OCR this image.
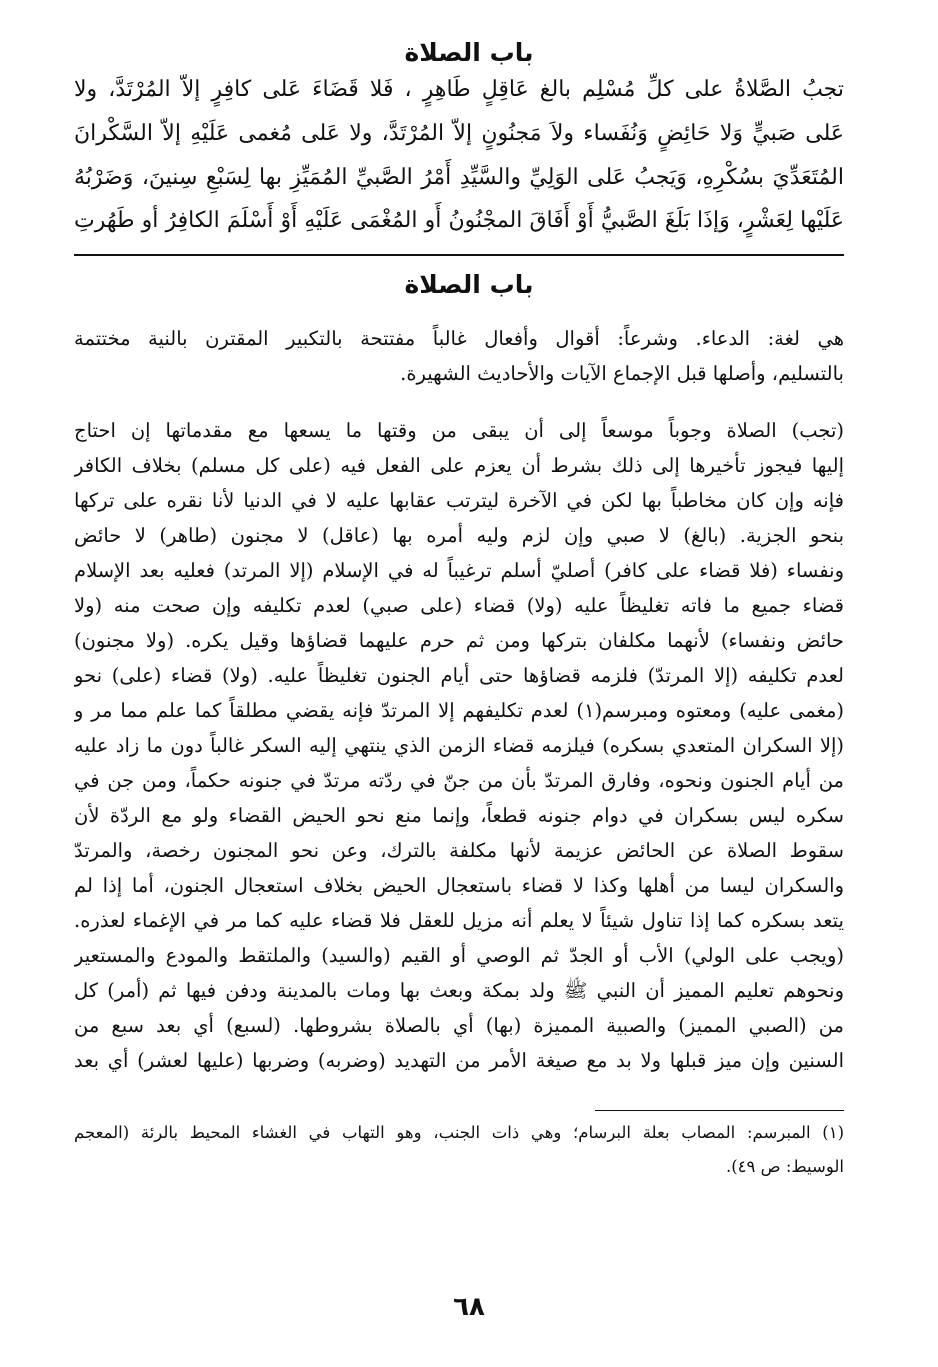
باب الصلاة
تجبُ الصَّلاةُ على كلِّ مُسْلِم بالغ عَاقِلٍ طَاهِرٍ ، فَلا قَضَاءَ عَلى كافِرٍ إلاّ المُرْتَدَّ، ولا
عَلى صَبيٍّ وَلا حَائِضٍ وَنُفَساء ولاَ مَجنُونٍ إلاّ المُرْتَدَّ، ولا عَلى مُغمى عَلَيْهِ إلاّ السَّكْرانَ
المُتَعَدِّيَ بسُكْرِهِ، وَيَجبُ عَلى الوَلِيِّ والسَّيِّدِ أَمْرُ الصَّبيِّ المُمَيِّزِ بها لِسَبْعِ سِنينَ، وَضَرْبُهُ
عَلَيْها لِعَشْرٍ، وَإذَا بَلَغَ الصَّبيُّ أَوْ أَفَاقَ المجْنُونُ أَو المُغْمَى عَلَيْهِ أَوْ أَسْلَمَ الكافِرُ أو طَهُرتِ
باب الصلاة
هي لغة: الدعاء. وشرعاً: أقوال وأفعال غالباً مفتتحة بالتكبير المقترن بالنية مختتمة
بالتسليم، وأصلها قبل الإجماع الآيات والأحاديث الشهيرة.
(تجب) الصلاة وجوباً موسعاً إلى أن يبقى من وقتها ما يسعها مع مقدماتها إن احتاج
إليها فيجوز تأخيرها إلى ذلك بشرط أن يعزم على الفعل فيه (على كل مسلم) بخلاف الكافر
فإنه وإن كان مخاطباً بها لكن في الآخرة ليترتب عقابها عليه لا في الدنيا لأنا نقره على تركها
بنحو الجزية. (بالغ) لا صبي وإن لزم وليه أمره بها (عاقل) لا مجنون (طاهر) لا حائض
ونفساء (فلا قضاء على كافر) أصليّ أسلم ترغيباً له في الإسلام (إلا المرتد) فعليه بعد الإسلام
قضاء جميع ما فاته تغليظاً عليه (ولا) قضاء (على صبي) لعدم تكليفه وإن صحت منه (ولا
حائض ونفساء) لأنهما مكلفان بتركها ومن ثم حرم عليهما قضاؤها وقيل يكره. (ولا مجنون)
لعدم تكليفه (إلا المرتدّ) فلزمه قضاؤها حتى أيام الجنون تغليظاً عليه. (ولا) قضاء (على) نحو
(مغمى عليه) ومعتوه ومبرسم(١) لعدم تكليفهم إلا المرتدّ فإنه يقضي مطلقاً كما علم مما مر و
(إلا السكران المتعدي بسكره) فيلزمه قضاء الزمن الذي ينتهي إليه السكر غالباً دون ما زاد عليه
من أيام الجنون ونحوه، وفارق المرتدّ بأن من جنّ في ردّته مرتدّ في جنونه حكماً، ومن جن في
سكره ليس بسكران في دوام جنونه قطعاً، وإنما منع نحو الحيض القضاء ولو مع الردّة لأن
سقوط الصلاة عن الحائض عزيمة لأنها مكلفة بالترك، وعن نحو المجنون رخصة، والمرتدّ
والسكران ليسا من أهلها وكذا لا قضاء باستعجال الحيض بخلاف استعجال الجنون، أما إذا لم
يتعد بسكره كما إذا تناول شيئاً لا يعلم أنه مزيل للعقل فلا قضاء عليه كما مر في الإغماء لعذره.
(ويجب على الولي) الأب أو الجدّ ثم الوصي أو القيم (والسيد) والملتقط والمودع والمستعير
ونحوهم تعليم المميز أن النبي ﷺ ولد بمكة وبعث بها ومات بالمدينة ودفن فيها ثم (أمر) كل
من (الصبي المميز) والصبية المميزة (بها) أي بالصلاة بشروطها. (لسبع) أي بعد سبع من
السنين وإن ميز قبلها ولا بد مع صيغة الأمر من التهديد (وضربه) وضربها (عليها لعشر) أي بعد
(١) المبرسم: المصاب بعلة البرسام؛ وهي ذات الجنب، وهو التهاب في الغشاء المحيط بالرئة (المعجم
الوسيط: ص ٤٩).
٦٨
